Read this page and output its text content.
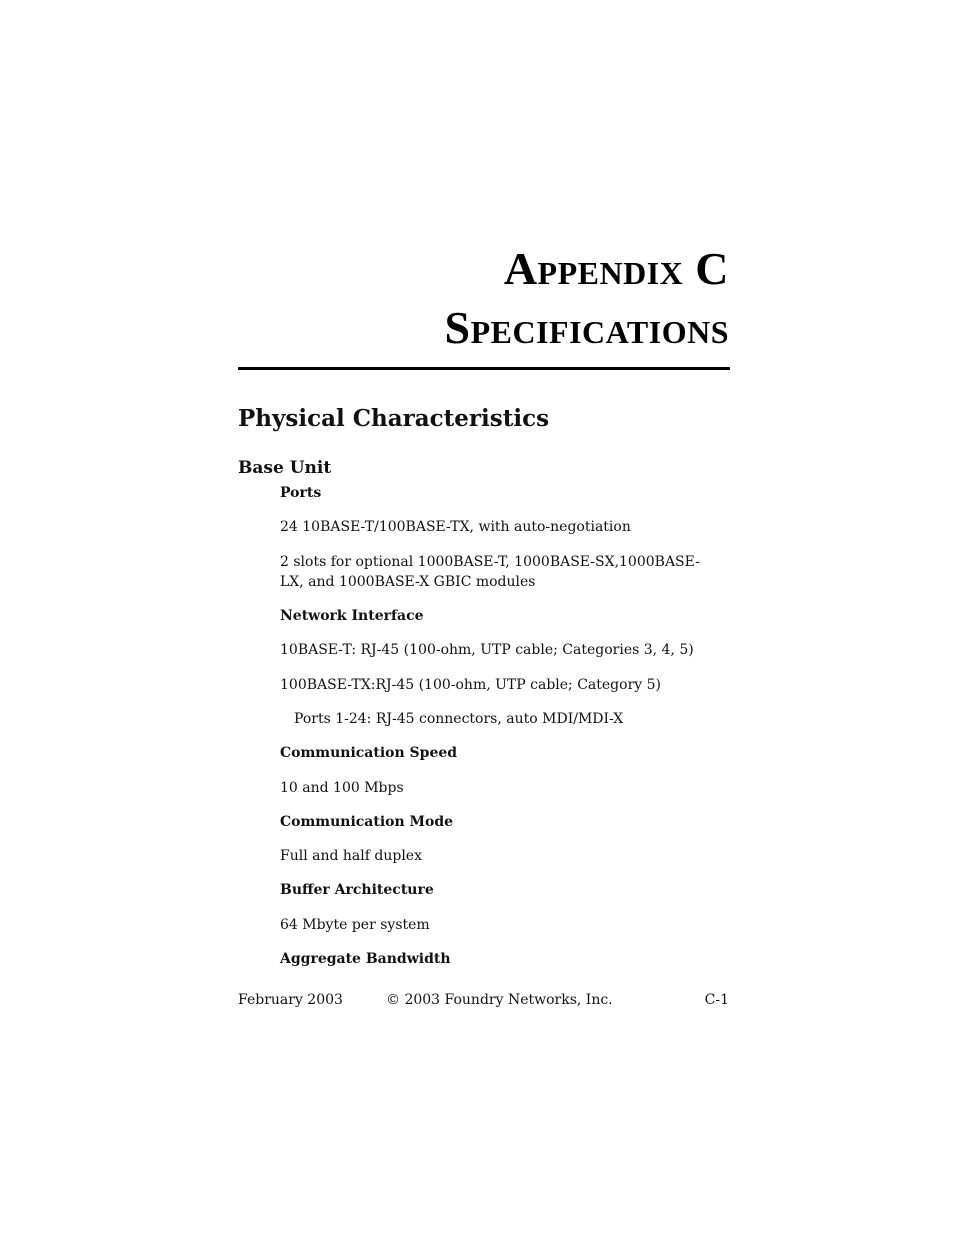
Appendix C
Specifications
Physical Characteristics
Base Unit

Ports

24 10BASE-T/100BASE-TX, with auto-negotiation

2 slots for optional 1000BASE-T, 1000BASE-SX,1000BASE-LX, and 1000BASE-X GBIC modules

Network Interface

10BASE-T: RJ-45 (100-ohm, UTP cable; Categories 3, 4, 5)

100BASE-TX:RJ-45 (100-ohm, UTP cable; Category 5)

Ports 1-24: RJ-45 connectors, auto MDI/MDI-X

Communication Speed

10 and 100 Mbps

Communication Mode

Full and half duplex

Buffer Architecture

64 Mbyte per system

Aggregate Bandwidth

February 2003	© 2003 Foundry Networks, Inc.	C-1
